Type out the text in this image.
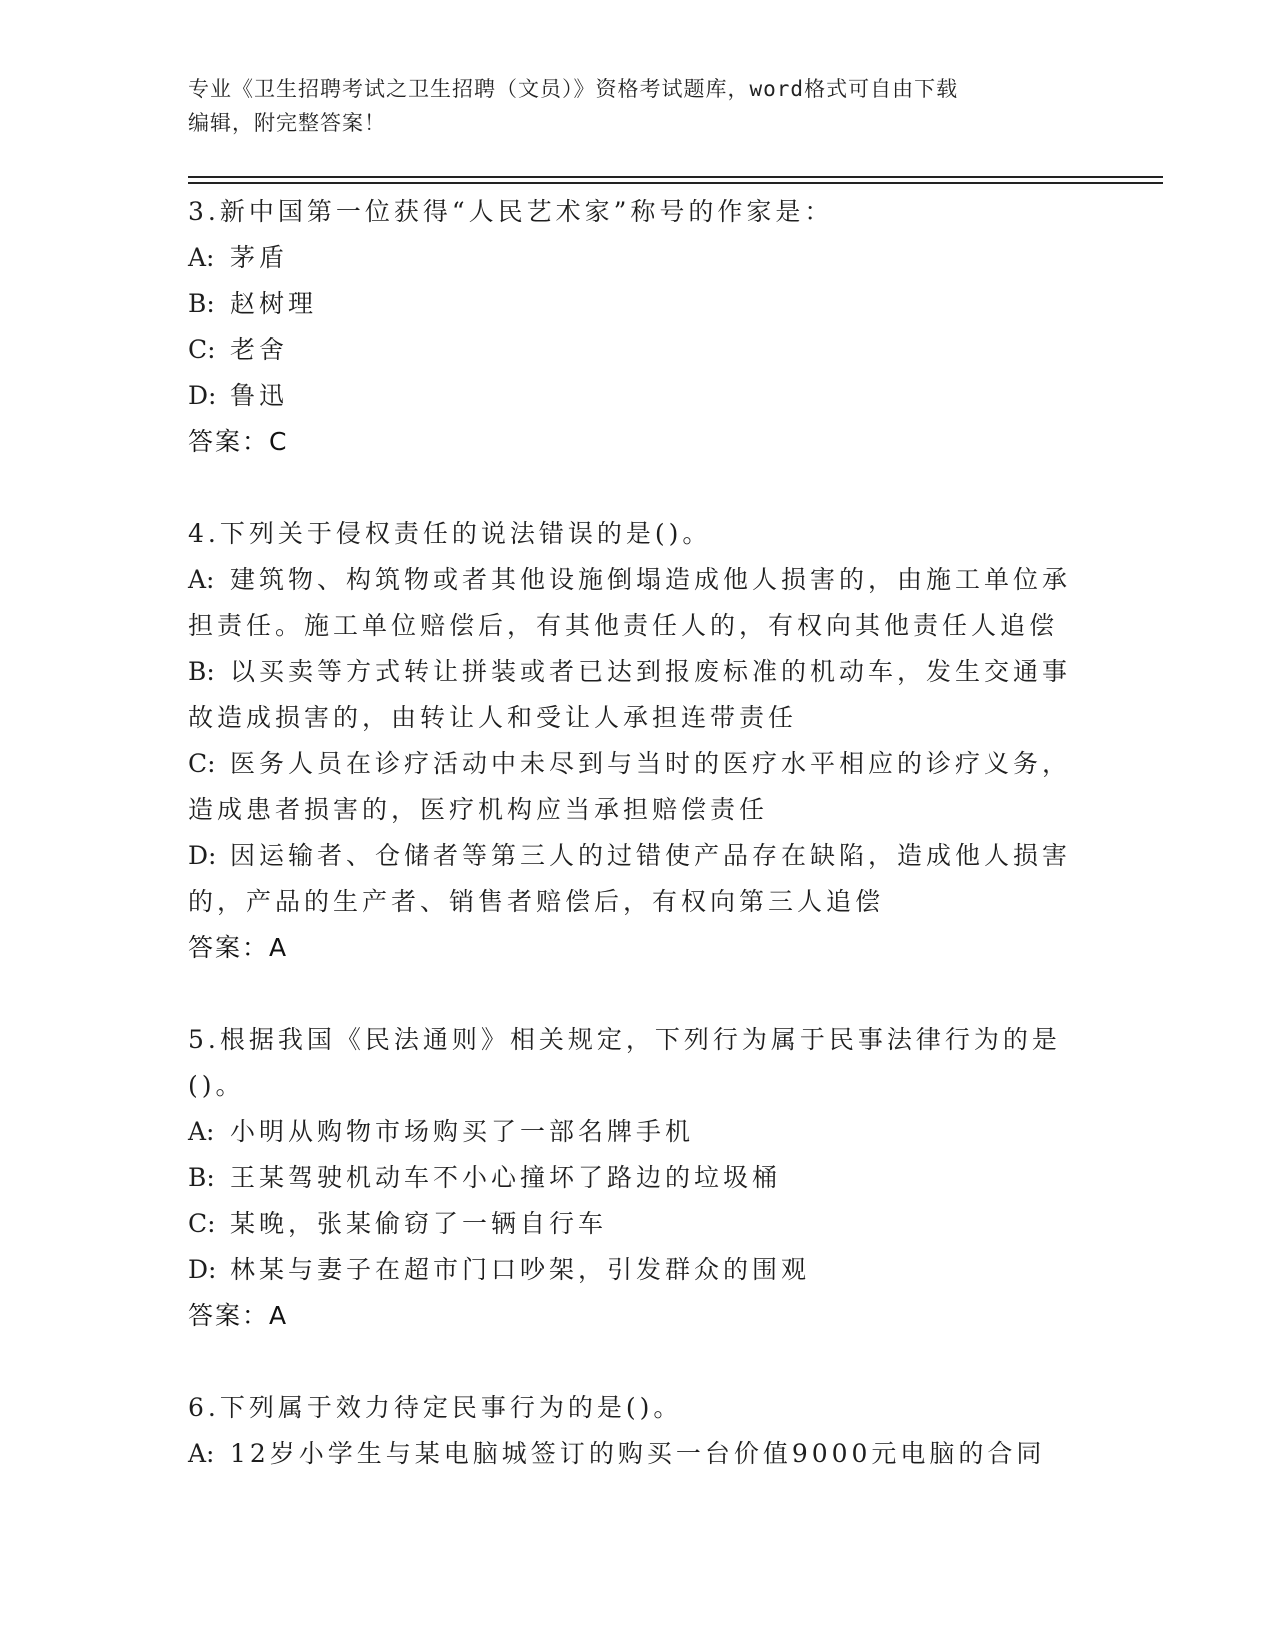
专业《卫生招聘考试之卫生招聘（文员）》资格考试题库，word格式可自由下载
编辑，附完整答案！
3.新中国第一位获得“人民艺术家”称号的作家是：
A: 茅盾
B: 赵树理
C: 老舍
D: 鲁迅
答案：C
4.下列关于侵权责任的说法错误的是()。
A: 建筑物、构筑物或者其他设施倒塌造成他人损害的，由施工单位承
担责任。施工单位赔偿后，有其他责任人的，有权向其他责任人追偿
B: 以买卖等方式转让拼装或者已达到报废标准的机动车，发生交通事
故造成损害的，由转让人和受让人承担连带责任
C: 医务人员在诊疗活动中未尽到与当时的医疗水平相应的诊疗义务，
造成患者损害的，医疗机构应当承担赔偿责任
D: 因运输者、仓储者等第三人的过错使产品存在缺陷，造成他人损害
的，产品的生产者、销售者赔偿后，有权向第三人追偿
答案：A
5.根据我国《民法通则》相关规定，下列行为属于民事法律行为的是
()。
A: 小明从购物市场购买了一部名牌手机
B: 王某驾驶机动车不小心撞坏了路边的垃圾桶
C: 某晚，张某偷窃了一辆自行车
D: 林某与妻子在超市门口吵架，引发群众的围观
答案：A
6.下列属于效力待定民事行为的是()。
A: 12岁小学生与某电脑城签订的购买一台价值9000元电脑的合同
